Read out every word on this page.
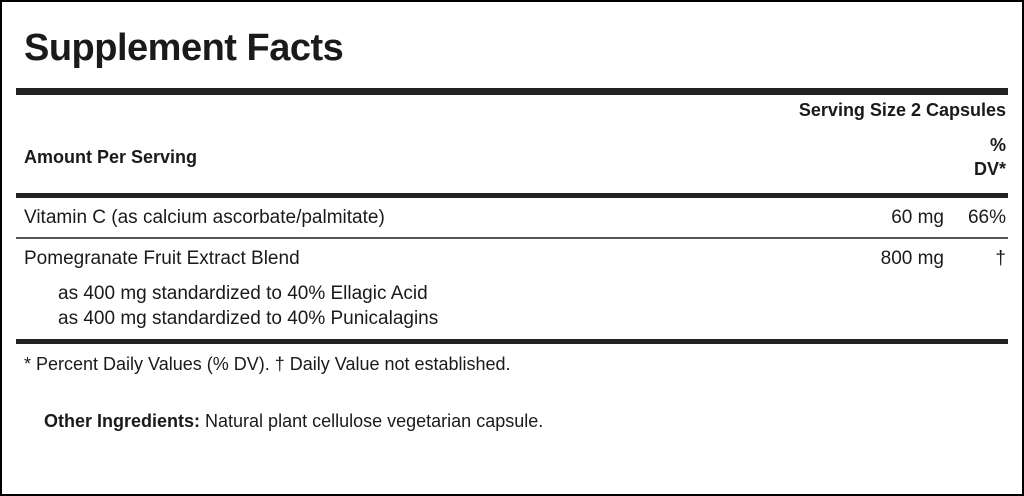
Supplement Facts
Serving Size 2 Capsules
Amount Per Serving
%
DV*
Vitamin C (as calcium ascorbate/palmitate)	60 mg	66%
Pomegranate Fruit Extract Blend	800 mg	†
as 400 mg standardized to 40% Ellagic Acid
as 400 mg standardized to 40% Punicalagins
* Percent Daily Values (% DV). † Daily Value not established.
Other Ingredients: Natural plant cellulose vegetarian capsule.
